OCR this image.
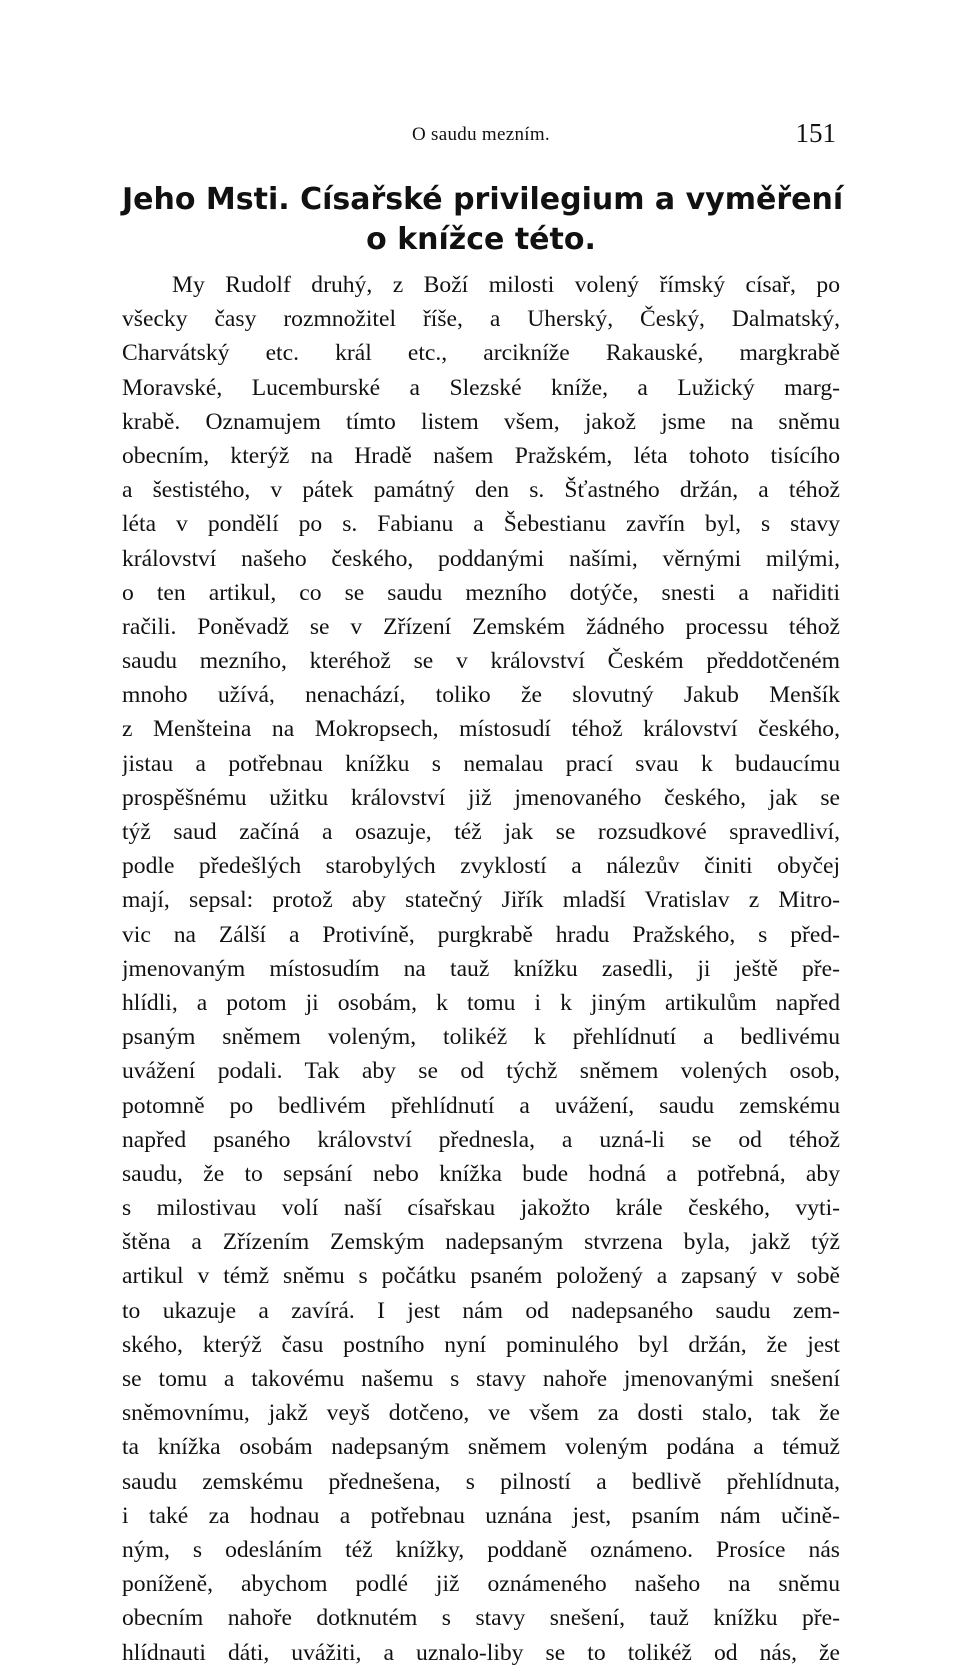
O saudu mezním.	151
Jeho Msti. Císařské privilegium a vyměření
o knížce této.
My Rudolf druhý, z Boží milosti volený římský císař, po
všecky časy rozmnožitel říše, a Uherský, Český, Dalmatský,
Charvátský etc. král etc., arcikníže Rakauské, margkrabě
Moravské, Lucemburské a Slezské kníže, a Lužický marg-
krabě. Oznamujem tímto listem všem, jakož jsme na sněmu
obecním, kterýž na Hradě našem Pražském, léta tohoto tisícího
a šestistého, v pátek památný den s. Šťastného držán, a téhož
léta v pondělí po s. Fabianu a Šebestianu zavřín byl, s stavy
království našeho českého, poddanými našími, věrnými milými,
o ten artikul, co se saudu mezního dotýče, snesti a nařiditi
račili. Poněvadž se v Zřízení Zemském žádného processu téhož
saudu mezního, kteréhož se v království Českém předdotčeném
mnoho užívá, nenachází, toliko že slovutný Jakub Menšík
z Menšteina na Mokropsech, místosudí téhož království českého,
jistau a potřebnau knížku s nemalau prací svau k budaucímu
prospěšnému užitku království již jmenovaného českého, jak se
týž saud začíná a osazuje, též jak se rozsudkové spravedliví,
podle předešlých starobylých zvyklostí a nálezův činiti obyčej
mají, sepsal: protož aby statečný Jiřík mladší Vratislav z Mitro-
vic na Zálší a Protivíně, purgkrabě hradu Pražského, s před-
jmenovaným místosudím na tauž knížku zasedli, ji ještě pře-
hlídli, a potom ji osobám, k tomu i k jiným artikulům napřed
psaným sněmem voleným, tolikéž k přehlídnutí a bedlivému
uvážení podali. Tak aby se od týchž sněmem volených osob,
potomně po bedlivém přehlídnutí a uvážení, saudu zemskému
napřed psaného království přednesla, a uzná-li se od téhož
saudu, že to sepsání nebo knížka bude hodná a potřebná, aby
s milostivau volí naší císařskau jakožto krále českého, vyti-
štěna a Zřízením Zemským nadepsaným stvrzena byla, jakž týž
artikul v témž sněmu s počátku psaném položený a zapsaný v sobě
to ukazuje a zavírá. I jest nám od nadepsaného saudu zem-
ského, kterýž času postního nyní pominulého byl držán, že jest
se tomu a takovému našemu s stavy nahoře jmenovanými snešení
sněmovnímu, jakž veyš dotčeno, ve všem za dosti stalo, tak že
ta knížka osobám nadepsaným sněmem voleným podána a témuž
saudu zemskému přednešena, s pilností a bedlivě přehlídnuta,
i také za hodnau a potřebnau uznána jest, psaním nám učině-
ným, s odesláním též knížky, poddaně oznámeno. Prosíce nás
poníženě, abychom podlé již oznámeného našeho na sněmu
obecním nahoře dotknutém s stavy snešení, tauž knížku pře-
hlídnauti dáti, uvážiti, a uznalo-liby se to tolikéž od nás, že
